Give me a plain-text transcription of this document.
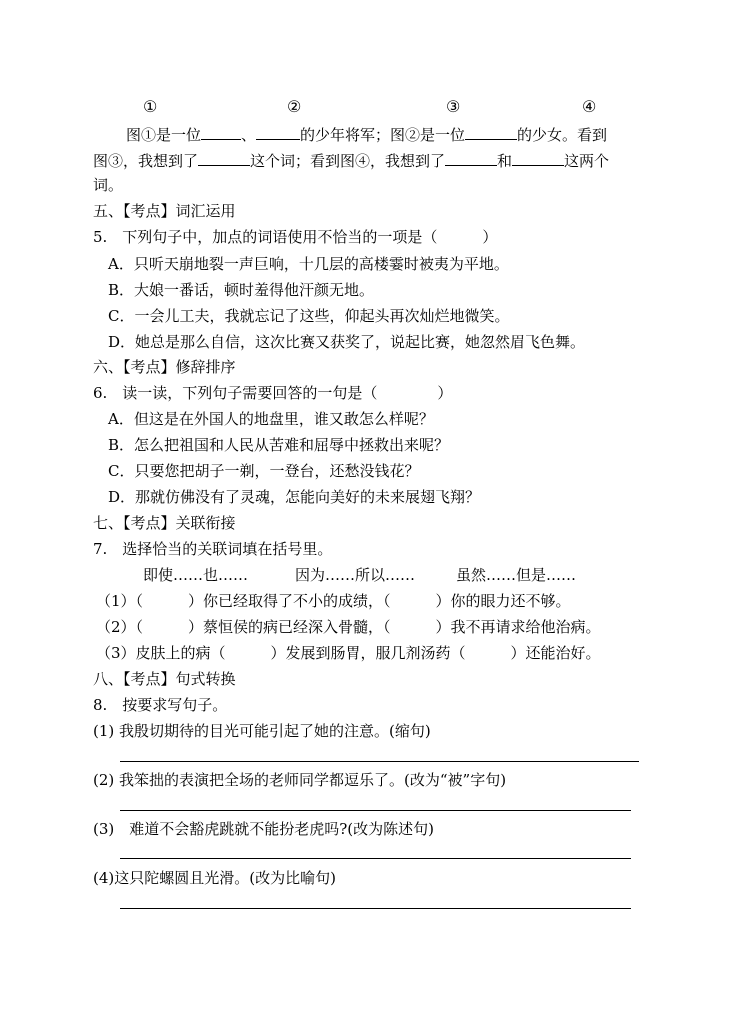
①	②	③	④
图①是一位	、	的少年将军；图②是一位	的少女。看到
图③，我想到了	这个词；看到图④，我想到了	和	这两个
词。
五、【考点】词汇运用
5.　下列句子中，加点的词语使用不恰当的一项是（　　　）
A．只听天崩地裂一声巨响，十几层的高楼霎时被夷为平地。
B．大娘一番话，顿时羞得他汗颜无地。
C．一会儿工夫，我就忘记了这些，仰起头再次灿烂地微笑。
D．她总是那么自信，这次比赛又获奖了，说起比赛，她忽然眉飞色舞。
六、【考点】修辞排序
6.　读一读，下列句子需要回答的一句是（　　　　）
A．但这是在外国人的地盘里，谁又敢怎么样呢？
B．怎么把祖国和人民从苦难和屈辱中拯救出来呢？
C．只要您把胡子一剃，一登台，还愁没钱花？
D．那就仿佛没有了灵魂，怎能向美好的未来展翅飞翔？
七、【考点】关联衔接
7.　选择恰当的关联词填在括号里。
即使……也……	因为……所以……	虽然……但是……
（1）（　　　）你已经取得了不小的成绩，（　　　）你的眼力还不够。
（2）（　　　）蔡恒侯的病已经深入骨髓，（　　　）我不再请求给他治病。
（3）皮肤上的病（　　　）发展到肠胃，服几剂汤药（　　　）还能治好。
八、【考点】句式转换
8.　按要求写句子。
(1) 我殷切期待的目光可能引起了她的注意。(缩句)
(2) 我笨拙的表演把全场的老师同学都逗乐了。(改为“被”字句)
(3)　难道不会豁虎跳就不能扮老虎吗?(改为陈述句)
(4)这只陀螺圆且光滑。(改为比喻句)
